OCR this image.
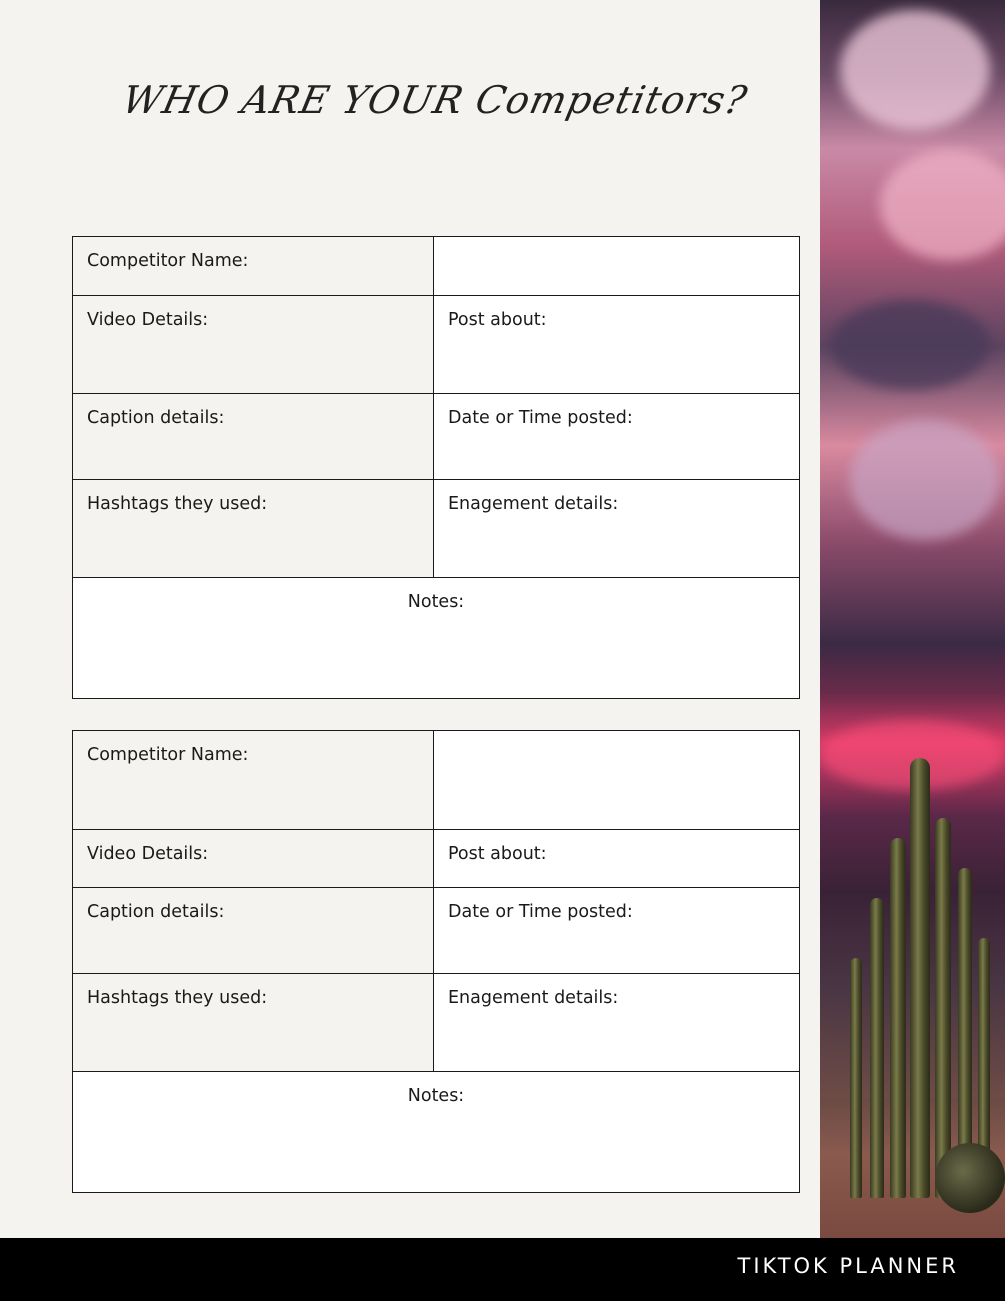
WHO ARE YOUR Competitors?
Competitor Name:
Video Details:	Post about:
Caption details:	Date or Time posted:
Hashtags they used:	Enagement details:
Notes:
Competitor Name:
Video Details:	Post about:
Caption details:	Date or Time posted:
Hashtags they used:	Enagement details:
Notes:
TIKTOK PLANNER
